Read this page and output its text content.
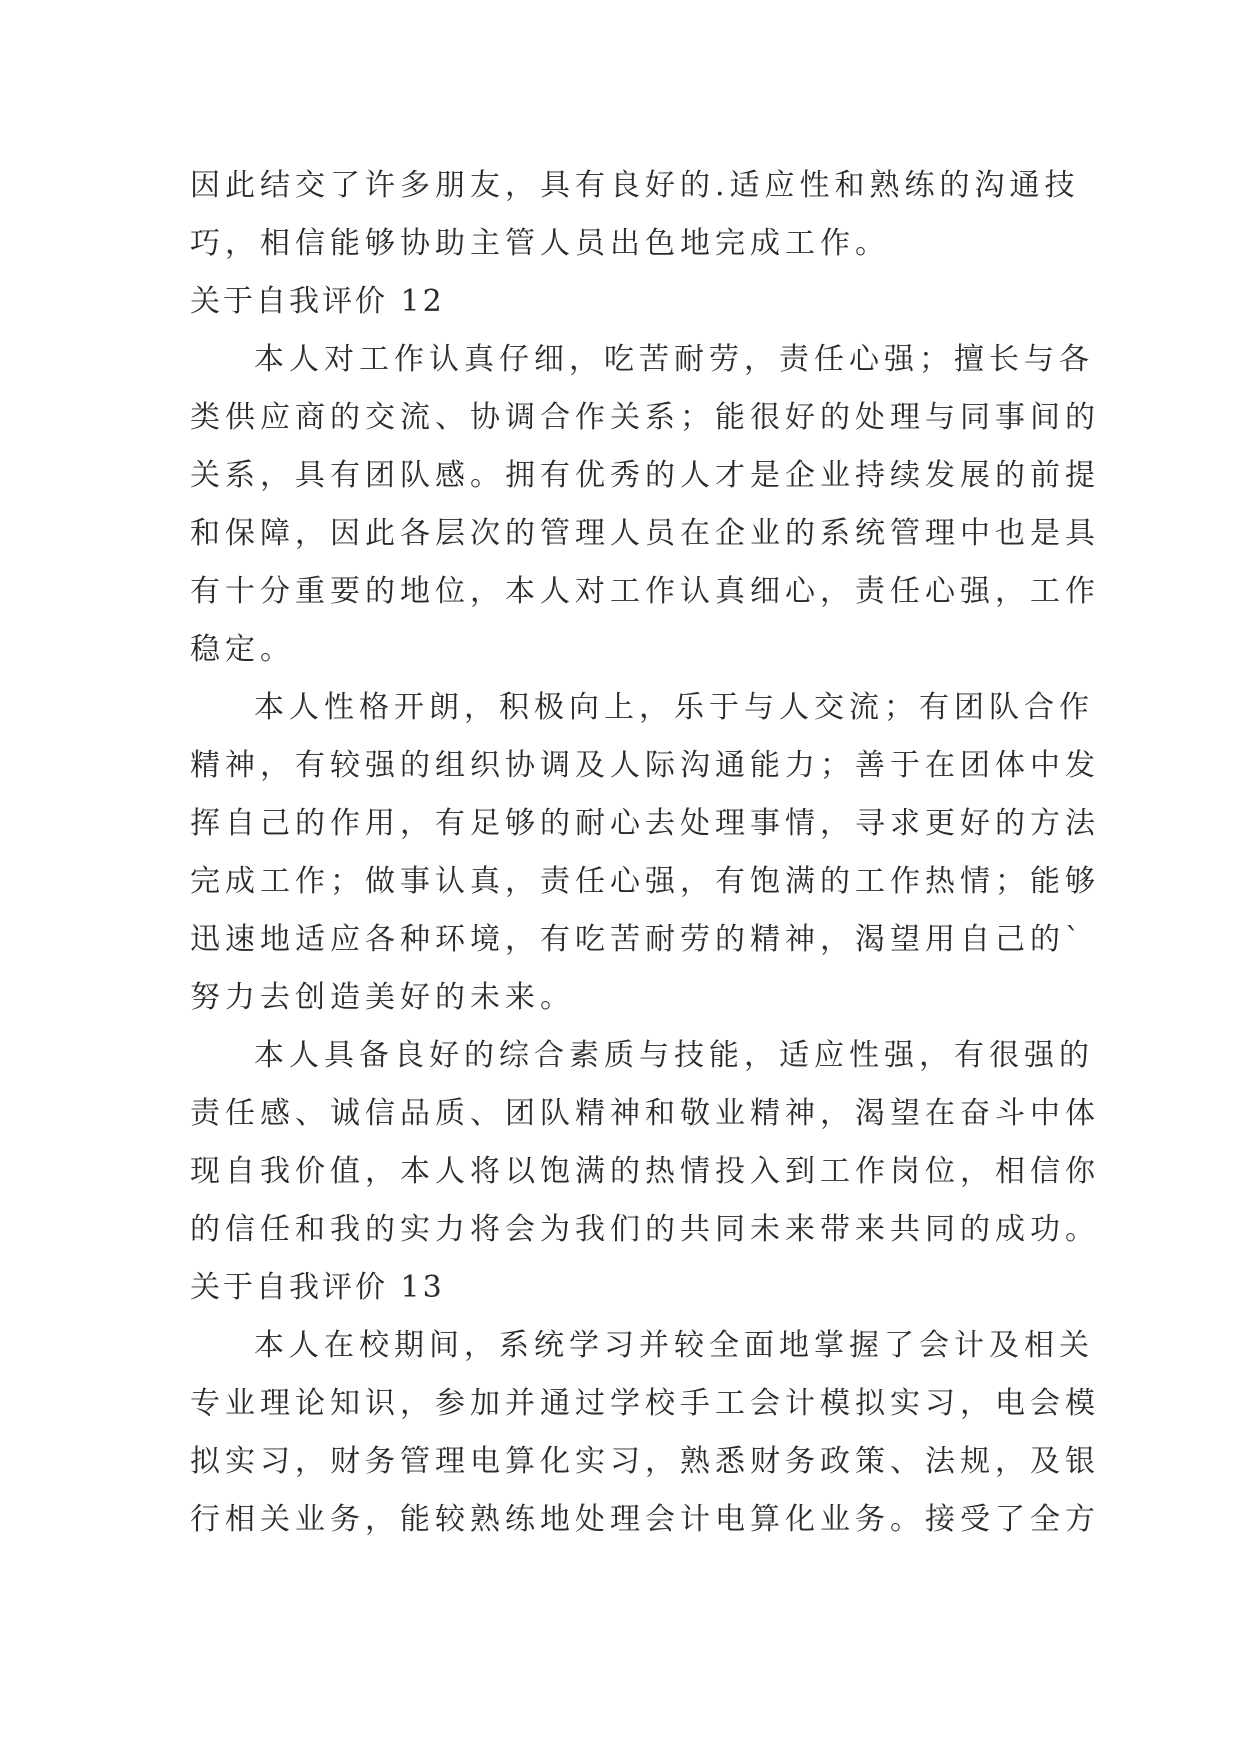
因此结交了许多朋友，具有良好的.适应性和熟练的沟通技
巧，相信能够协助主管人员出色地完成工作。
关于自我评价 12
本人对工作认真仔细，吃苦耐劳，责任心强；擅长与各
类供应商的交流、协调合作关系；能很好的处理与同事间的
关系，具有团队感。拥有优秀的人才是企业持续发展的前提
和保障，因此各层次的管理人员在企业的系统管理中也是具
有十分重要的地位，本人对工作认真细心，责任心强，工作
稳定。
本人性格开朗，积极向上，乐于与人交流；有团队合作
精神，有较强的组织协调及人际沟通能力；善于在团体中发
挥自己的作用，有足够的耐心去处理事情，寻求更好的方法
完成工作；做事认真，责任心强，有饱满的工作热情；能够
迅速地适应各种环境，有吃苦耐劳的精神，渴望用自己的`
努力去创造美好的未来。
本人具备良好的综合素质与技能，适应性强，有很强的
责任感、诚信品质、团队精神和敬业精神，渴望在奋斗中体
现自我价值，本人将以饱满的热情投入到工作岗位，相信你
的信任和我的实力将会为我们的共同未来带来共同的成功。
关于自我评价 13
本人在校期间，系统学习并较全面地掌握了会计及相关
专业理论知识，参加并通过学校手工会计模拟实习，电会模
拟实习，财务管理电算化实习，熟悉财务政策、法规，及银
行相关业务，能较熟练地处理会计电算化业务。接受了全方
